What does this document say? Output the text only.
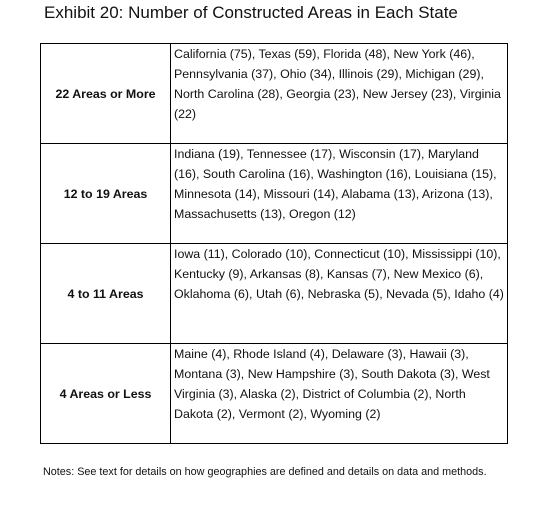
Exhibit 20: Number of Constructed Areas in Each State
22 Areas or More	California (75), Texas (59), Florida (48), New York (46), Pennsylvania (37), Ohio (34), Illinois (29), Michigan (29), North Carolina (28), Georgia (23), New Jersey (23), Virginia (22)

12 to 19 Areas	Indiana (19), Tennessee (17), Wisconsin (17), Maryland (16), South Carolina (16), Washington (16), Louisiana (15), Minnesota (14), Missouri (14), Alabama (13), Arizona (13), Massachusetts (13), Oregon (12)

4 to 11 Areas	Iowa (11), Colorado (10), Connecticut (10), Mississippi (10), Kentucky (9), Arkansas (8), Kansas (7), New Mexico (6), Oklahoma (6), Utah (6), Nebraska (5), Nevada (5), Idaho (4)

4 Areas or Less	Maine (4), Rhode Island (4), Delaware (3), Hawaii (3), Montana (3), New Hampshire (3), South Dakota (3), West Virginia (3), Alaska (2), District of Columbia (2), North Dakota (2), Vermont (2), Wyoming (2)
Notes: See text for details on how geographies are defined and details on data and methods.
